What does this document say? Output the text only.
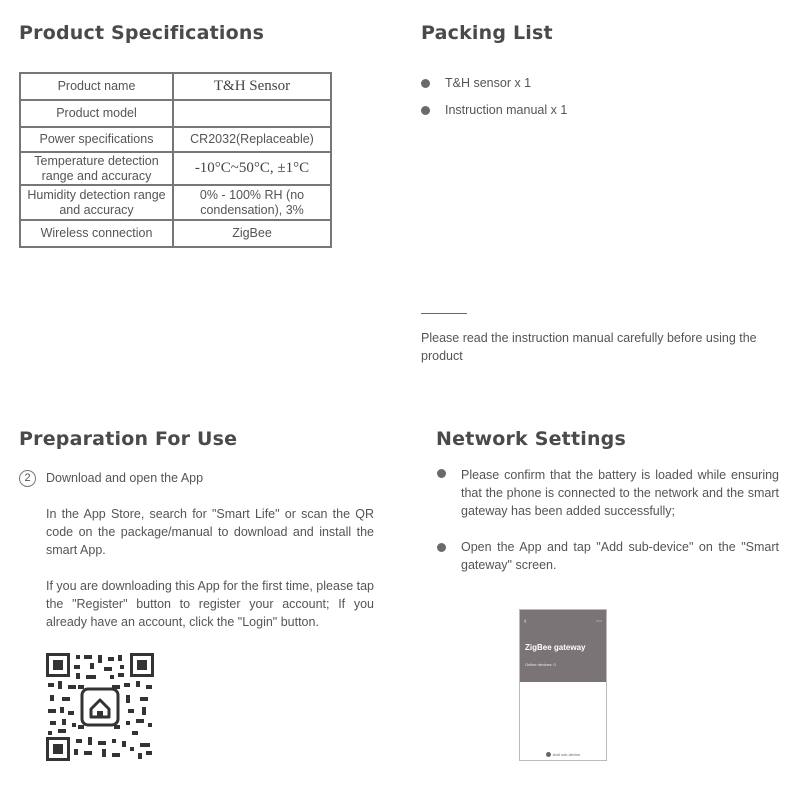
Product Specifications
Product name	T&H Sensor
Product model	
Power specifications	CR2032(Replaceable)
Temperature detection range and accuracy	-10°C~50°C, ±1°C
Humidity detection range and accuracy	0% - 100% RH (no condensation), 3%
Wireless connection	ZigBee
Packing List
T&H sensor x 1
Instruction manual x 1
Please read the instruction manual carefully before using the product
Preparation For Use
2	Download and open the App
In the App Store, search for "Smart Life" or scan the QR code on the package/manual to download and install the smart App.
If you are downloading this App for the first time, please tap the "Register" button to register your account; If you already have an account, click the "Login" button.
Network Settings
Please confirm that the battery is loaded while ensuring that the phone is connected to the network and the smart gateway has been added successfully;
Open the App and tap "Add sub-device" on the "Smart gateway" screen.
‹	⋯
ZigBee gateway
Online devices: 0
Add sub-device
